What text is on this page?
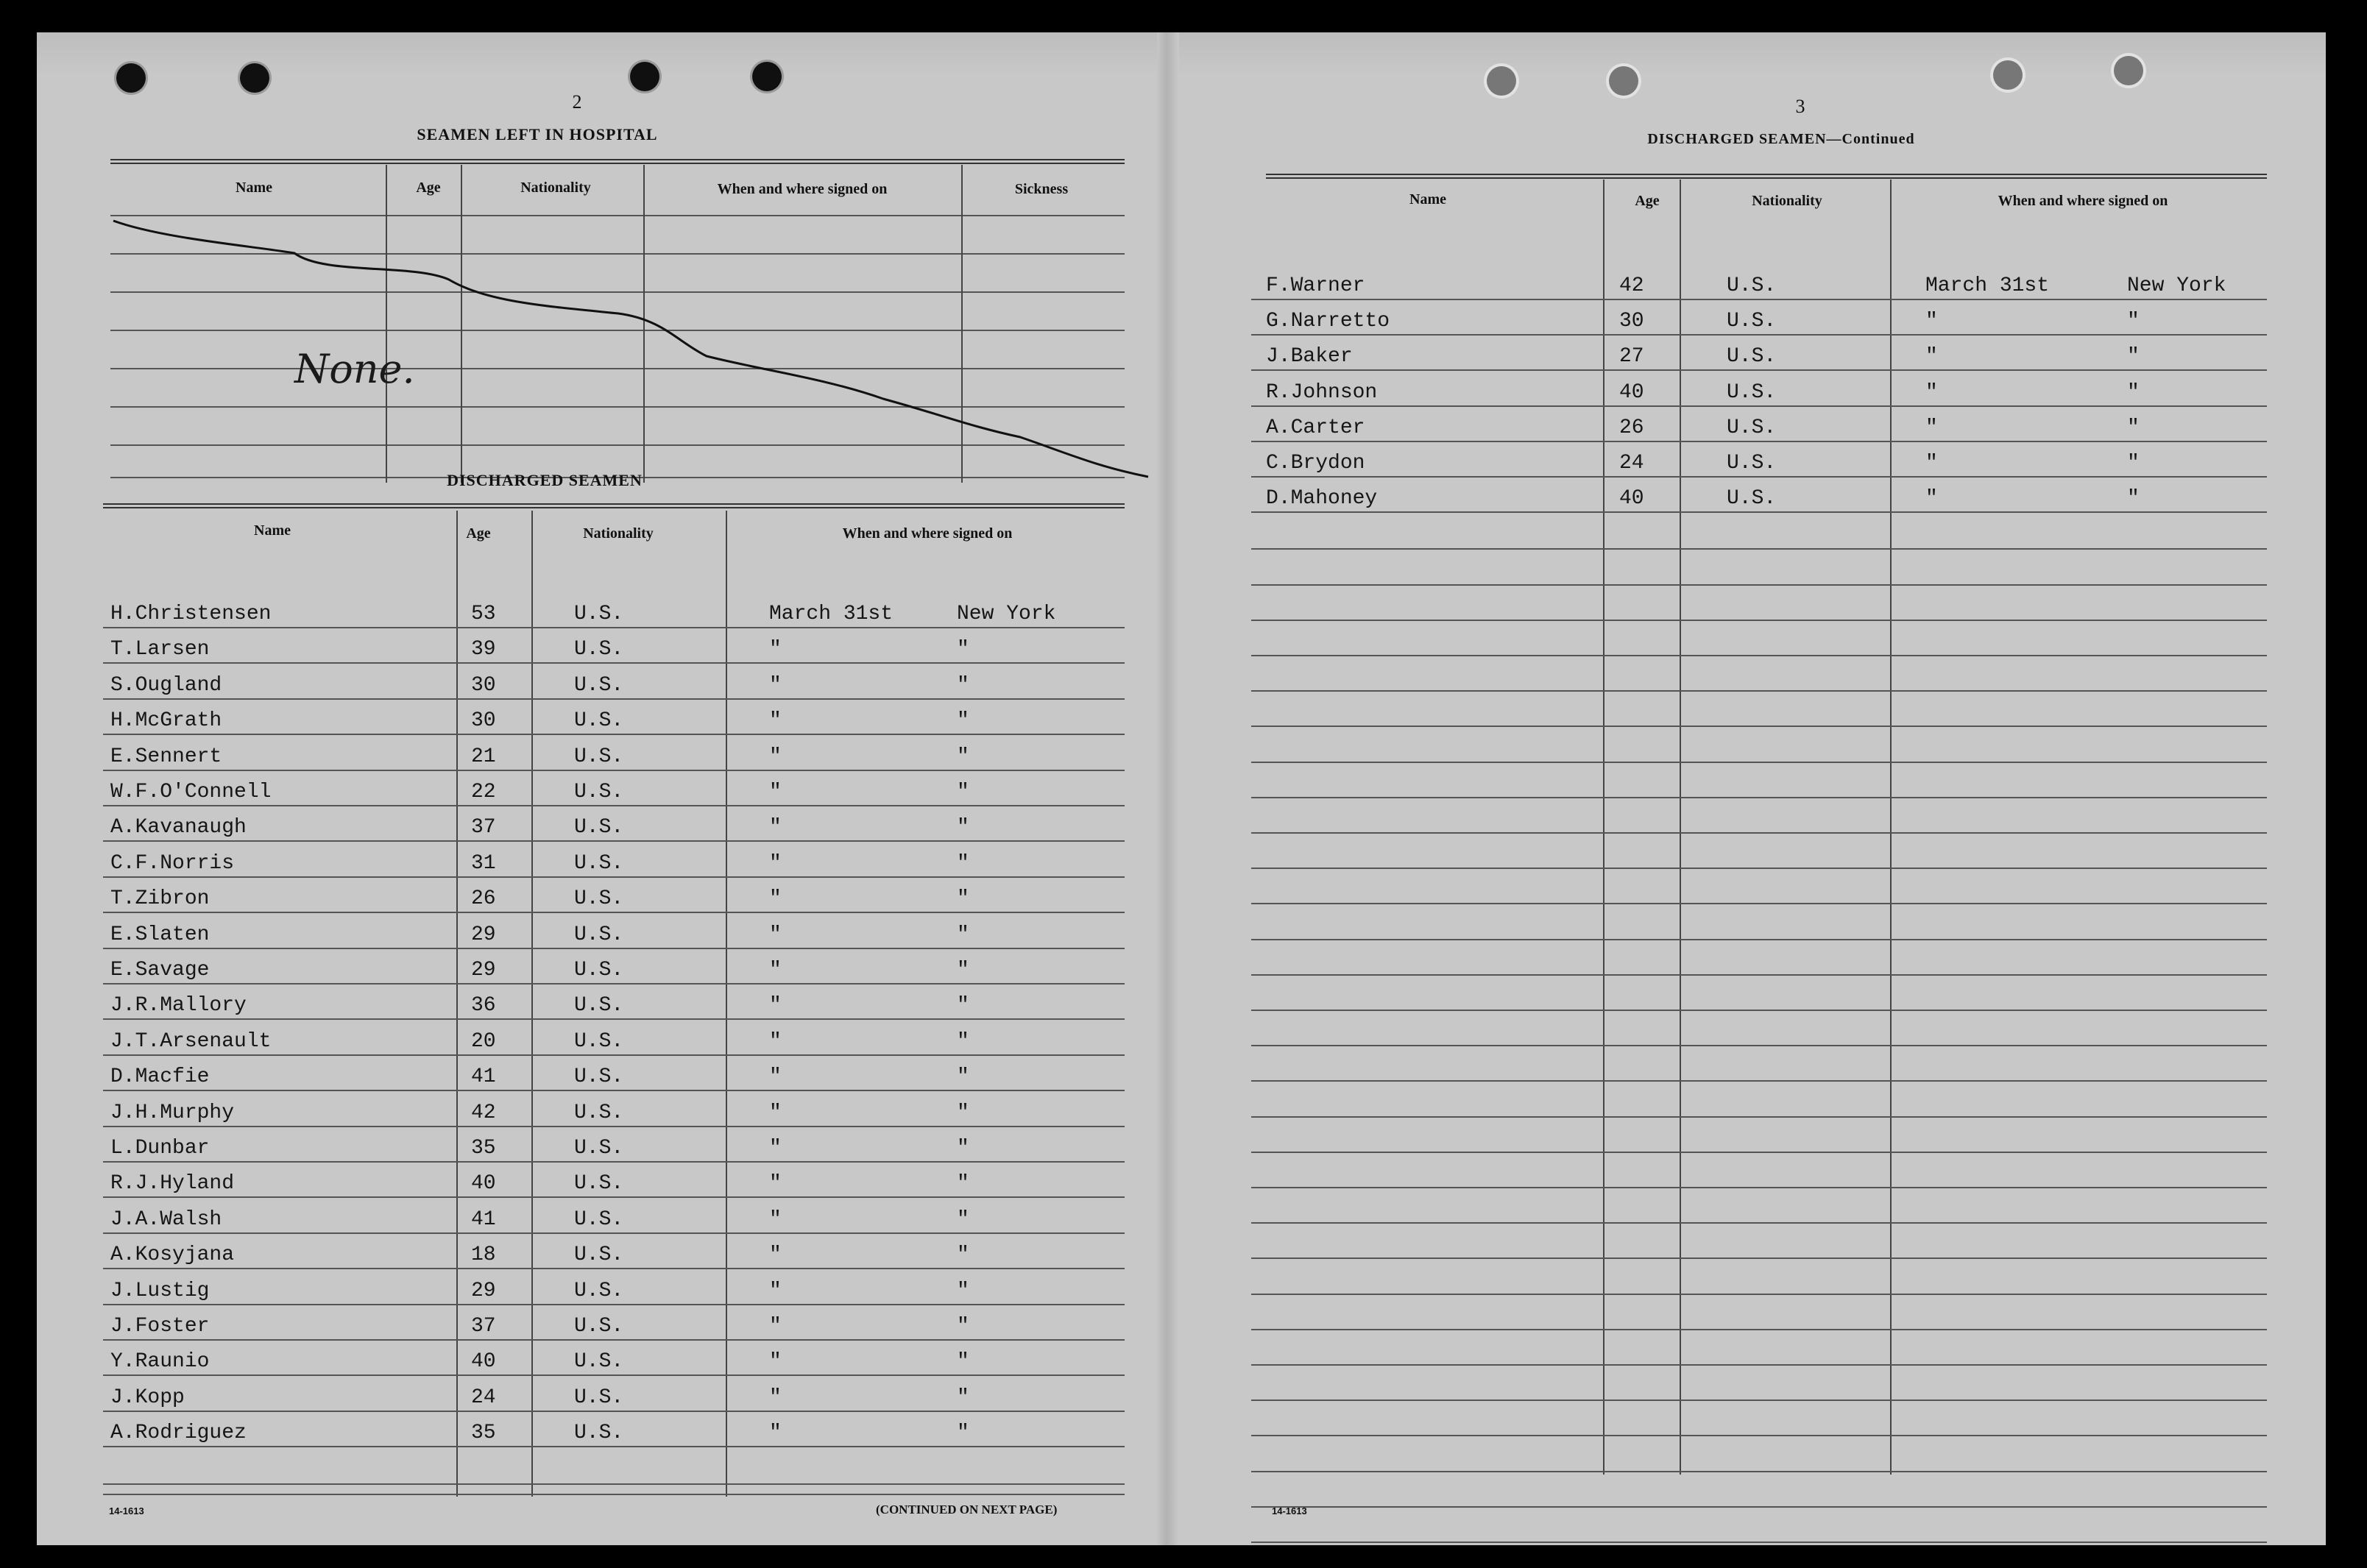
2
SEAMEN LEFT IN HOSPITAL
Name	Age	Nationality	When and where signed on	Sickness
None.
DISCHARGED SEAMEN
Name	Age	Nationality	When and where signed on
H.Christensen	53	U.S.	March 31st	New York
T.Larsen	39	U.S.	"	"
S.Ougland	30	U.S.	"	"
H.McGrath	30	U.S.	"	"
E.Sennert	21	U.S.	"	"
W.F.O'Connell	22	U.S.	"	"
A.Kavanaugh	37	U.S.	"	"
C.F.Norris	31	U.S.	"	"
T.Zibron	26	U.S.	"	"
E.Slaten	29	U.S.	"	"
E.Savage	29	U.S.	"	"
J.R.Mallory	36	U.S.	"	"
J.T.Arsenault	20	U.S.	"	"
D.Macfie	41	U.S.	"	"
J.H.Murphy	42	U.S.	"	"
L.Dunbar	35	U.S.	"	"
R.J.Hyland	40	U.S.	"	"
J.A.Walsh	41	U.S.	"	"
A.Kosyjana	18	U.S.	"	"
J.Lustig	29	U.S.	"	"
J.Foster	37	U.S.	"	"
Y.Raunio	40	U.S.	"	"
J.Kopp	24	U.S.	"	"
A.Rodriguez	35	U.S.	"	"
14-1613	(CONTINUED ON NEXT PAGE)
3
DISCHARGED SEAMEN—Continued
Name	Age	Nationality	When and where signed on
F.Warner	42	U.S.	March 31st	New York
G.Narretto	30	U.S.	"	"
J.Baker	27	U.S.	"	"
R.Johnson	40	U.S.	"	"
A.Carter	26	U.S.	"	"
C.Brydon	24	U.S.	"	"
D.Mahoney	40	U.S.	"	"
14-1613
